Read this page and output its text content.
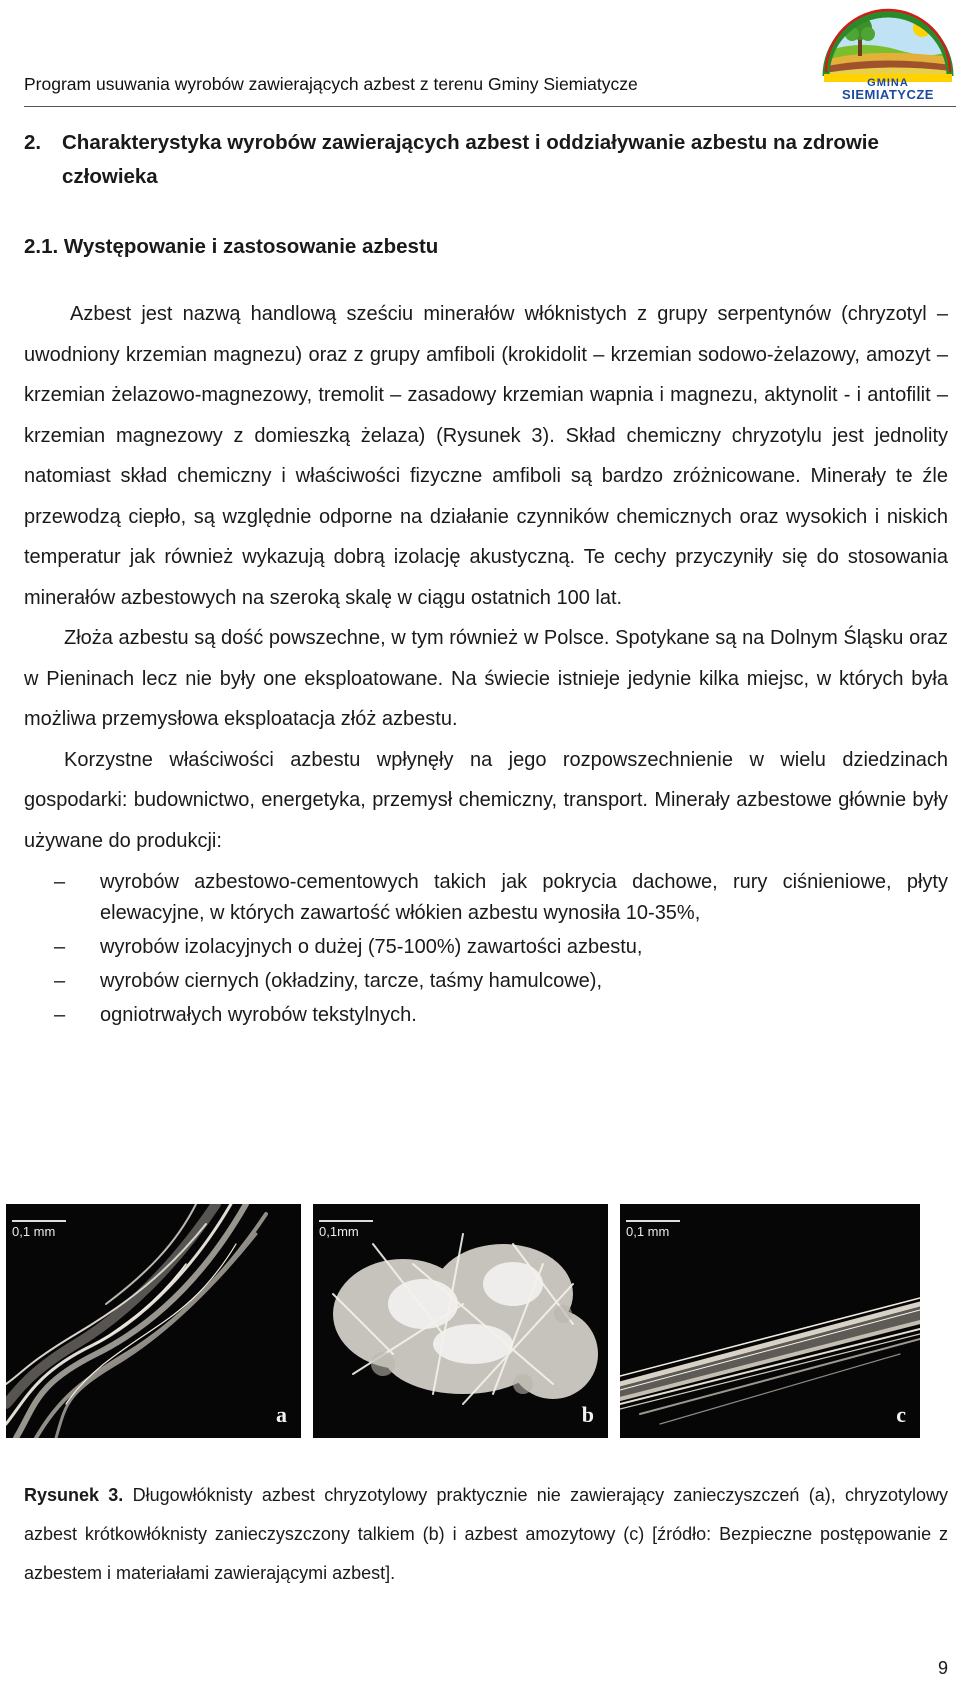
Program usuwania wyrobów zawierających azbest z terenu Gminy Siemiatycze	GMINA
SIEMIATYCZE
2.	Charakterystyka wyrobów zawierających azbest i oddziaływanie azbestu na zdrowie człowieka
2.1. Występowanie i zastosowanie azbestu

Azbest jest nazwą handlową sześciu minerałów włóknistych z grupy serpentynów (chryzotyl – uwodniony krzemian magnezu) oraz z grupy amfiboli (krokidolit – krzemian sodowo-żelazowy, amozyt – krzemian żelazowo-magnezowy, tremolit – zasadowy krzemian wapnia i magnezu, aktynolit - i antofilit – krzemian magnezowy z domieszką żelaza) (Rysunek 3). Skład chemiczny chryzotylu jest jednolity natomiast skład chemiczny i właściwości fizyczne amfiboli są bardzo zróżnicowane. Minerały te źle przewodzą ciepło, są względnie odporne na działanie czynników chemicznych oraz wysokich i niskich temperatur jak również wykazują dobrą izolację akustyczną. Te cechy przyczyniły się do stosowania minerałów azbestowych na szeroką skalę w ciągu ostatnich 100 lat.

Złoża azbestu są dość powszechne, w tym również w Polsce. Spotykane są na Dolnym Śląsku oraz w Pieninach lecz nie były one eksploatowane. Na świecie istnieje jedynie kilka miejsc, w których była możliwa przemysłowa eksploatacja złóż azbestu.

Korzystne właściwości azbestu wpłynęły na jego rozpowszechnienie w wielu dziedzinach gospodarki: budownictwo, energetyka, przemysł chemiczny, transport. Minerały azbestowe głównie były używane do produkcji:

– wyrobów azbestowo-cementowych takich jak pokrycia dachowe, rury ciśnieniowe, płyty elewacyjne, w których zawartość włókien azbestu wynosiła 10-35%,
– wyrobów izolacyjnych o dużej (75-100%) zawartości azbestu,
– wyrobów ciernych (okładziny, tarcze, taśmy hamulcowe),
– ogniotrwałych wyrobów tekstylnych.
0,1 mm
a
0,1mm
b
0,1 mm
c
Rysunek 3. Długowłóknisty azbest chryzotylowy praktycznie nie zawierający zanieczyszczeń (a), chryzotylowy azbest krótkowłóknisty zanieczyszczony talkiem (b) i azbest amozytowy (c) [źródło: Bezpieczne postępowanie z azbestem i materiałami zawierającymi azbest].
9
